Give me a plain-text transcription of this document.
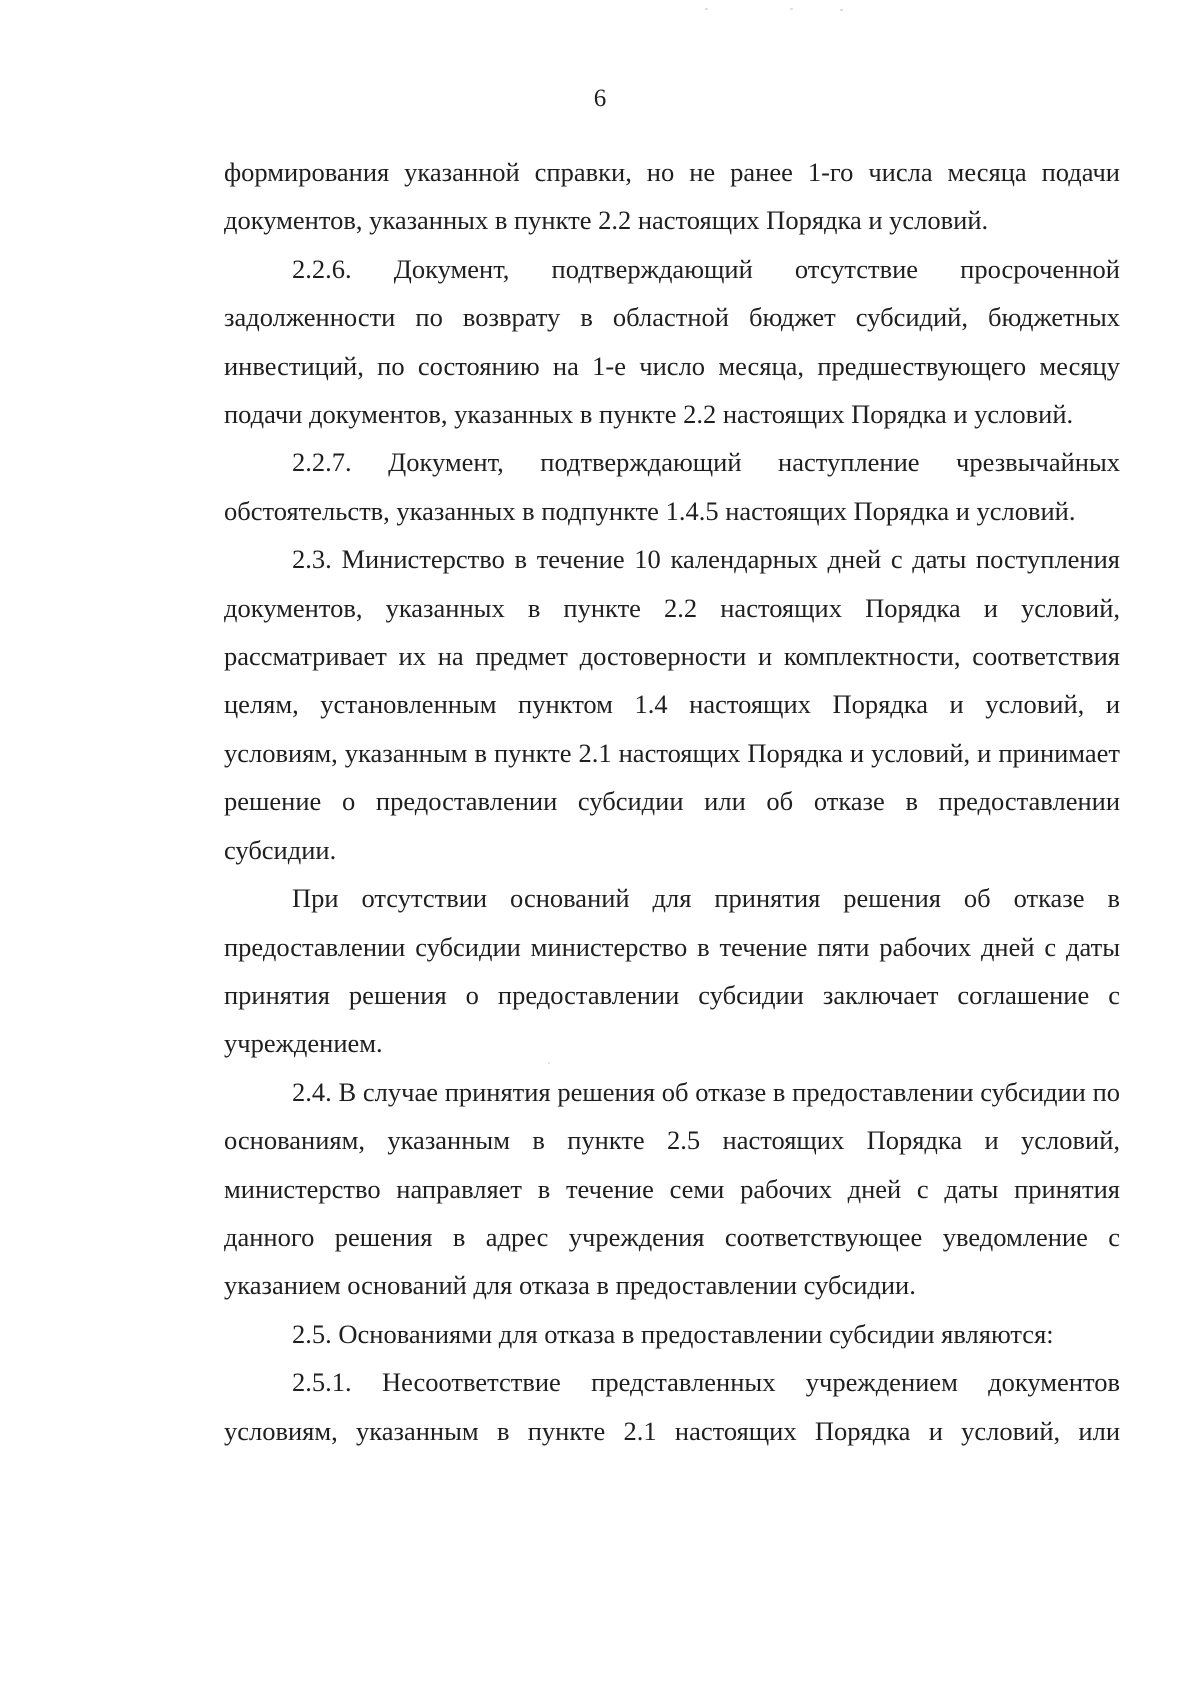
6

формирования указанной справки, но не ранее 1-го числа месяца подачи документов, указанных в пункте 2.2 настоящих Порядка и условий.

2.2.6. Документ, подтверждающий отсутствие просроченной задолженности по возврату в областной бюджет субсидий, бюджетных инвестиций, по состоянию на 1-е число месяца, предшествующего месяцу подачи документов, указанных в пункте 2.2 настоящих Порядка и условий.

2.2.7. Документ, подтверждающий наступление чрезвычайных обстоятельств, указанных в подпункте 1.4.5 настоящих Порядка и условий.

2.3. Министерство в течение 10 календарных дней с даты поступления документов, указанных в пункте 2.2 настоящих Порядка и условий, рассматривает их на предмет достоверности и комплектности, соответствия целям, установленным пунктом 1.4 настоящих Порядка и условий, и условиям, указанным в пункте 2.1 настоящих Порядка и условий, и принимает решение о предоставлении субсидии или об отказе в предоставлении субсидии.

При отсутствии оснований для принятия решения об отказе в предоставлении субсидии министерство в течение пяти рабочих дней с даты принятия решения о предоставлении субсидии заключает соглашение с учреждением.

2.4. В случае принятия решения об отказе в предоставлении субсидии по основаниям, указанным в пункте 2.5 настоящих Порядка и условий, министерство направляет в течение семи рабочих дней с даты принятия данного решения в адрес учреждения соответствующее уведомление с указанием оснований для отказа в предоставлении субсидии.

2.5. Основаниями для отказа в предоставлении субсидии являются:

2.5.1. Несоответствие представленных учреждением документов условиям, указанным в пункте 2.1 настоящих Порядка и условий, или
